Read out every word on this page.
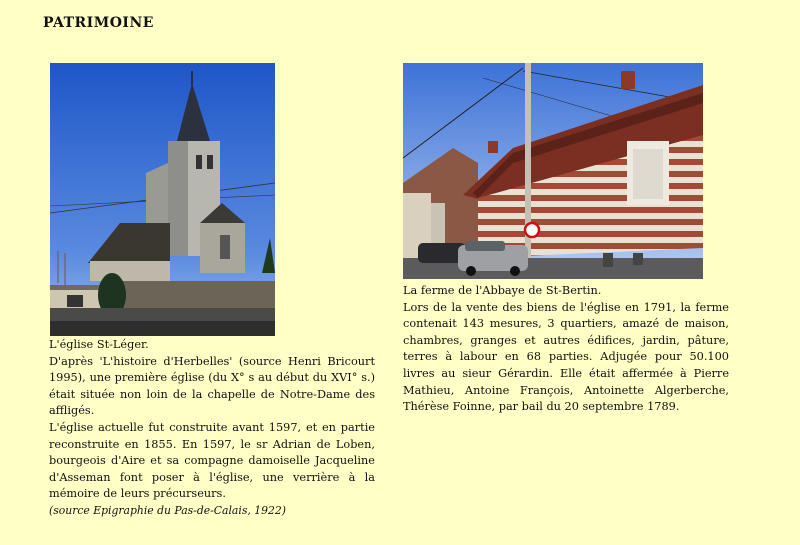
PATRIMOINE
L'église St-Léger.

D'après 'L'histoire d'Herbelles' (source Henri Bricourt 1995), une première église (du X° s au début du XVI° s.) était située non loin de la chapelle de Notre-Dame des affligés.

L'église actuelle fut construite avant 1597, et en partie reconstruite en 1855. En 1597, le sr Adrian de Loben, bourgeois d'Aire et sa compagne damoiselle Jacqueline d'Asseman font poser à l'église, une verrière à la mémoire de leurs précurseurs.

(source Epigraphie du Pas-de-Calais, 1922)
La ferme de l'Abbaye de St-Bertin.

Lors de la vente des biens de l'église en 1791, la ferme contenait 143 mesures, 3 quartiers, amazé de maison, chambres, granges et autres édifices, jardin, pâture, terres à labour en 68 parties. Adjugée pour 50.100 livres au sieur Gérardin. Elle était affermée à Pierre Mathieu, Antoine François, Antoinette Algerberche, Thérèse Foinne, par bail du 20 septembre 1789.
